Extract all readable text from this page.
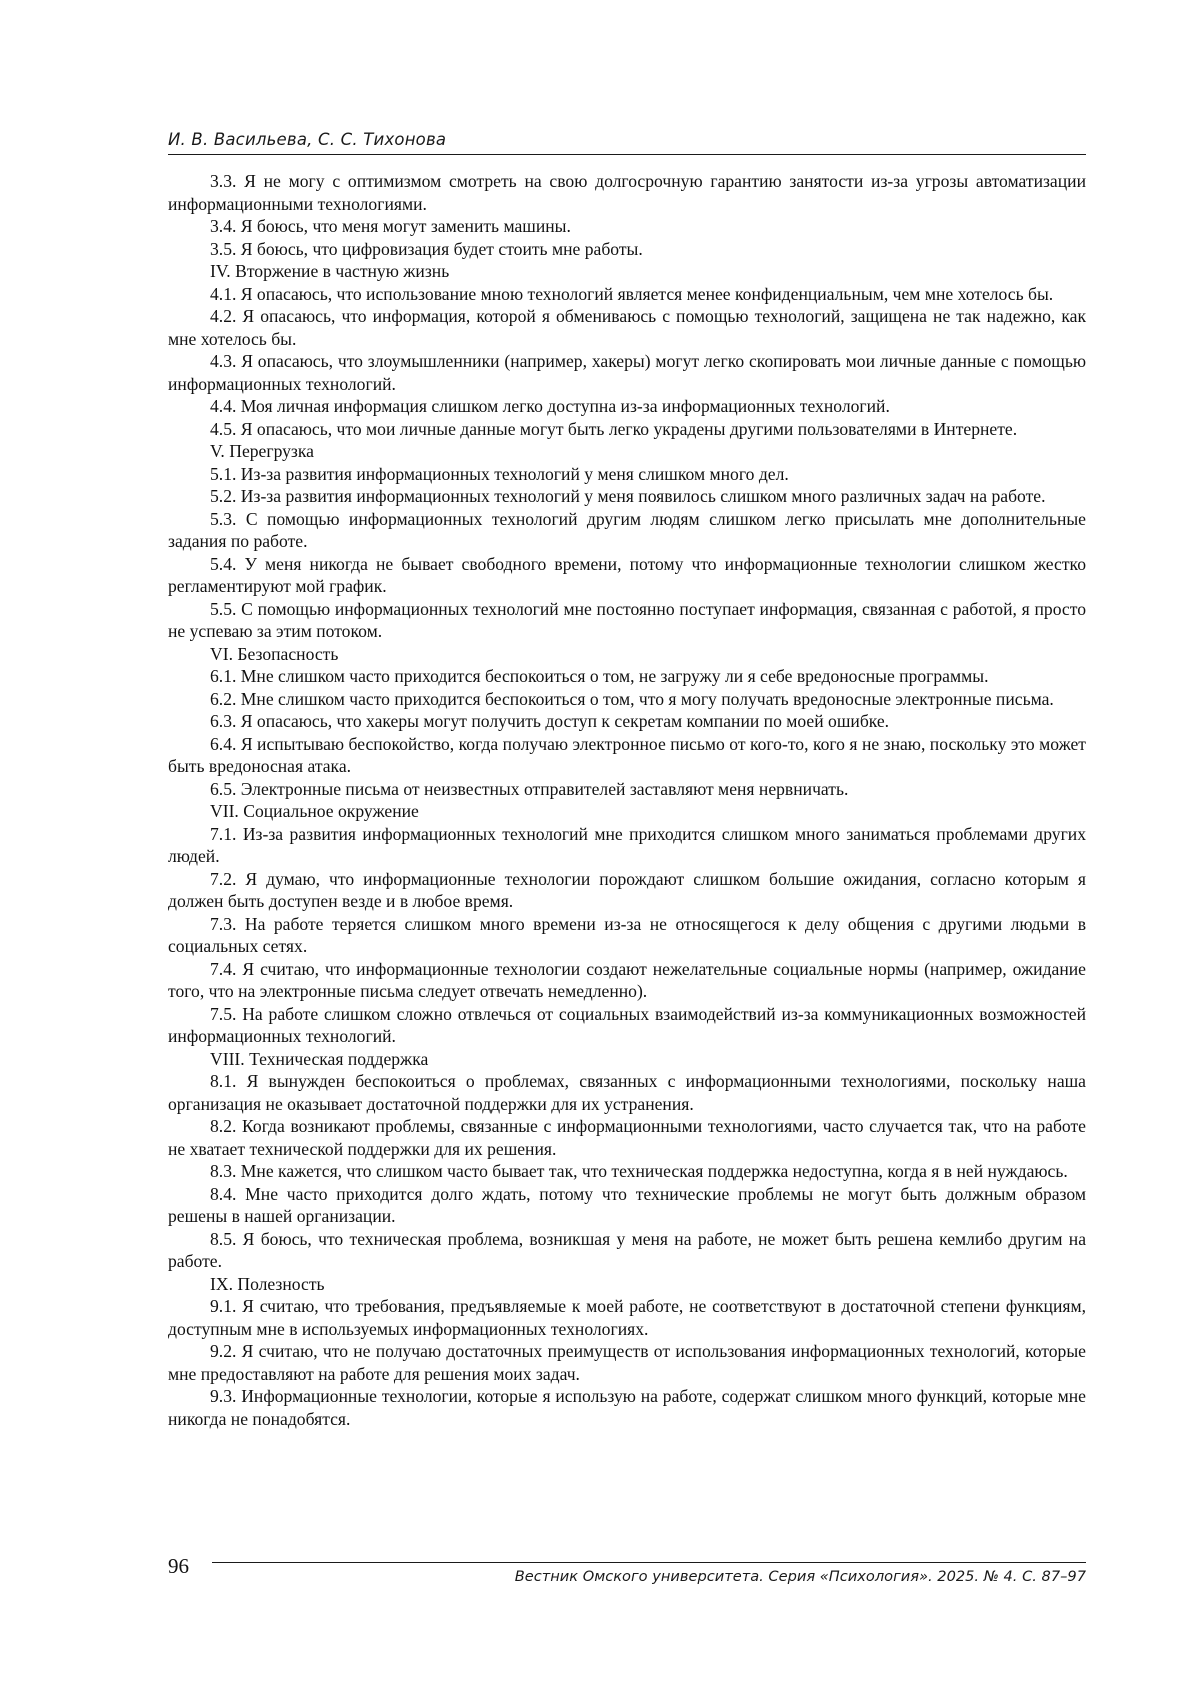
И. В. Васильева, С. С. Тихонова

3.3. Я не могу с оптимизмом смотреть на свою долгосрочную гарантию занятости из-за угрозы автоматизации информационными технологиями.

3.4. Я боюсь, что меня могут заменить машины.

3.5. Я боюсь, что цифровизация будет стоить мне работы.

IV. Вторжение в частную жизнь

4.1. Я опасаюсь, что использование мною технологий является менее конфиденциальным, чем мне хотелось бы.

4.2. Я опасаюсь, что информация, которой я обмениваюсь с помощью технологий, защищена не так надежно, как мне хотелось бы.

4.3. Я опасаюсь, что злоумышленники (например, хакеры) могут легко скопировать мои личные данные с помощью информационных технологий.

4.4. Моя личная информация слишком легко доступна из-за информационных технологий.

4.5. Я опасаюсь, что мои личные данные могут быть легко украдены другими пользователями в Интернете.

V. Перегрузка

5.1. Из-за развития информационных технологий у меня слишком много дел.

5.2. Из-за развития информационных технологий у меня появилось слишком много различных задач на работе.

5.3. С помощью информационных технологий другим людям слишком легко присылать мне дополнительные задания по работе.

5.4. У меня никогда не бывает свободного времени, потому что информационные технологии слишком жестко регламентируют мой график.

5.5. С помощью информационных технологий мне постоянно поступает информация, связанная с работой, я просто не успеваю за этим потоком.

VI. Безопасность

6.1. Мне слишком часто приходится беспокоиться о том, не загружу ли я себе вредоносные программы.

6.2. Мне слишком часто приходится беспокоиться о том, что я могу получать вредоносные электронные письма.

6.3. Я опасаюсь, что хакеры могут получить доступ к секретам компании по моей ошибке.

6.4. Я испытываю беспокойство, когда получаю электронное письмо от кого-то, кого я не знаю, поскольку это может быть вредоносная атака.

6.5. Электронные письма от неизвестных отправителей заставляют меня нервничать.

VII. Социальное окружение

7.1. Из-за развития информационных технологий мне приходится слишком много заниматься проблемами других людей.

7.2. Я думаю, что информационные технологии порождают слишком большие ожидания, согласно которым я должен быть доступен везде и в любое время.

7.3. На работе теряется слишком много времени из-за не относящегося к делу общения с другими людьми в социальных сетях.

7.4. Я считаю, что информационные технологии создают нежелательные социальные нормы (например, ожидание того, что на электронные письма следует отвечать немедленно).

7.5. На работе слишком сложно отвлечься от социальных взаимодействий из-за коммуникационных возможностей информационных технологий.

VIII. Техническая поддержка

8.1. Я вынужден беспокоиться о проблемах, связанных с информационными технологиями, поскольку наша организация не оказывает достаточной поддержки для их устранения.

8.2. Когда возникают проблемы, связанные с информационными технологиями, часто случается так, что на работе не хватает технической поддержки для их решения.

8.3. Мне кажется, что слишком часто бывает так, что техническая поддержка недоступна, когда я в ней нуждаюсь.

8.4. Мне часто приходится долго ждать, потому что технические проблемы не могут быть должным образом решены в нашей организации.

8.5. Я боюсь, что техническая проблема, возникшая у меня на работе, не может быть решена кемлибо другим на работе.

IX. Полезность

9.1. Я считаю, что требования, предъявляемые к моей работе, не соответствуют в достаточной степени функциям, доступным мне в используемых информационных технологиях.

9.2. Я считаю, что не получаю достаточных преимуществ от использования информационных технологий, которые мне предоставляют на работе для решения моих задач.

9.3. Информационные технологии, которые я использую на работе, содержат слишком много функций, которые мне никогда не понадобятся.

96	Вестник Омского университета. Серия «Психология». 2025. № 4. С. 87–97
